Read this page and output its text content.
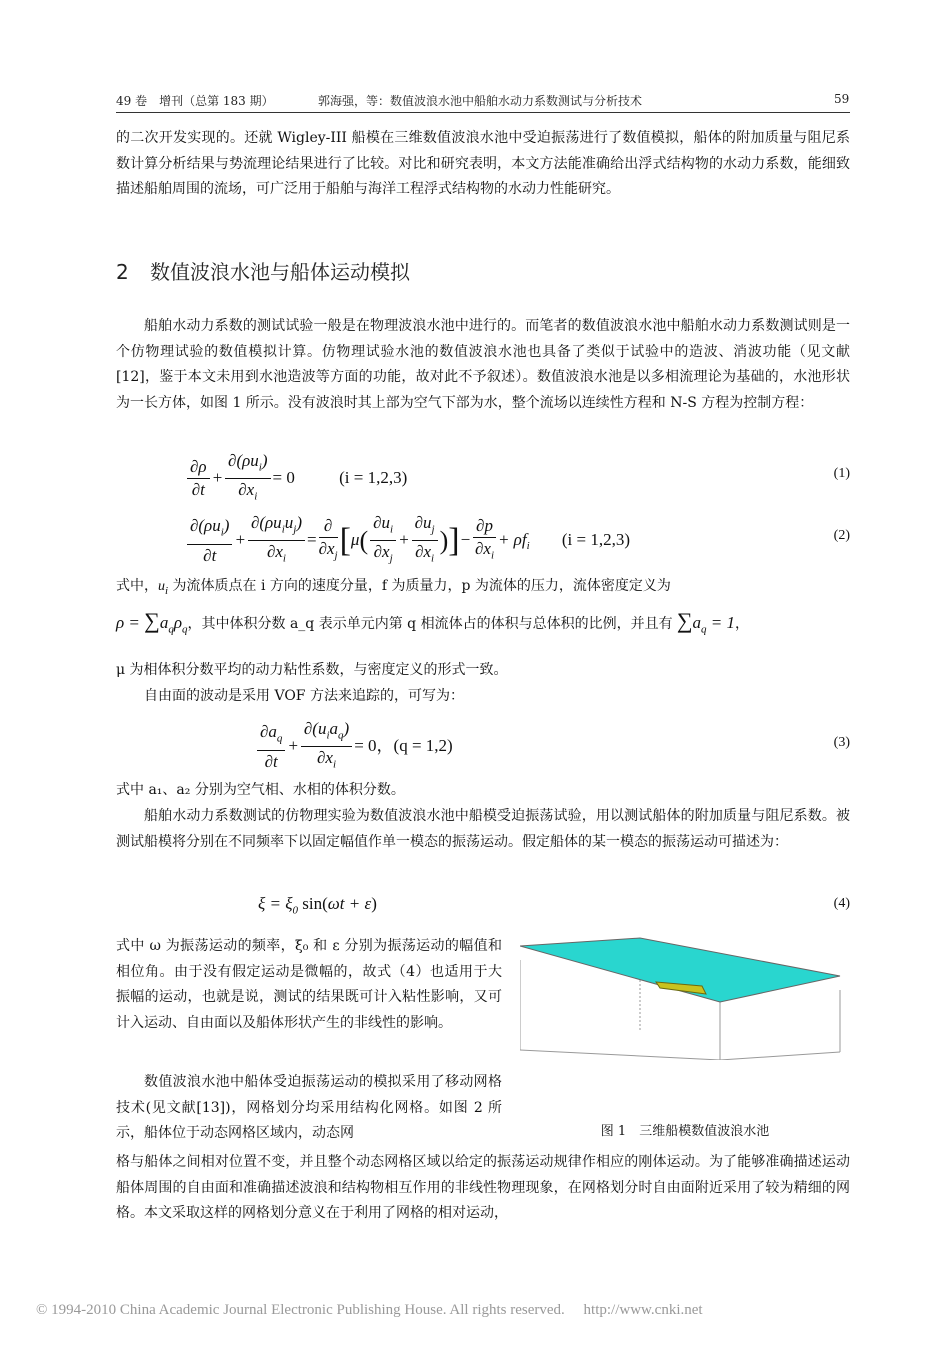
49 卷　增刊（总第 183 期）	郭海强，等：数值波浪水池中船舶水动力系数测试与分析技术	59
的二次开发实现的。还就 Wigley-III 船模在三维数值波浪水池中受迫振荡进行了数值模拟，船体的附加质量与阻尼系数计算分析结果与势流理论结果进行了比较。对比和研究表明，本文方法能准确给出浮式结构物的水动力系数，能细致描述船舶周围的流场，可广泛用于船舶与海洋工程浮式结构物的水动力性能研究。
2 数值波浪水池与船体运动模拟
船舶水动力系数的测试试验一般是在物理波浪水池中进行的。而笔者的数值波浪水池中船舶水动力系数测试则是一个仿物理试验的数值模拟计算。仿物理试验水池的数值波浪水池也具备了类似于试验中的造波、消波功能（见文献[12]，鉴于本文未用到水池造波等方面的功能，故对此不予叙述）。数值波浪水池是以多相流理论为基础的，水池形状为一长方体，如图 1 所示。没有波浪时其上部为空气下部为水，整个流场以连续性方程和 N-S 方程为控制方程：
$\frac{\partial\rho}{\partial t} + \frac{\partial(\rho u_i)}{\partial x_i} = 0$	(i = 1,2,3)	(1)
$\frac{\partial(\rho u_i)}{\partial t} + \frac{\partial(\rho u_iu_j)}{\partial x_i} = \frac{\partial}{\partial x_j} [\mu( \frac{\partial u_i}{\partial x_j} + \frac{\partial u_j}{\partial x_i}$ )]− $\frac{\partial p}{\partial x_i} + \rho f_i$ (i = 1,2,3)	(2)
式中，$u_i$ 为流体质点在 i 方向的速度分量，f 为质量力，p 为流体的压力，流体密度定义为
$\rho = \sum a_q\rho_q$，其中体积分数 a_q 表示单元内第 q 相流体占的体积与总体积的比例，并且有 $\sum a_q = 1$，
μ 为相体积分数平均的动力粘性系数，与密度定义的形式一致。
自由面的波动是采用 VOF 方法来追踪的，可写为：
$\frac{\partial a_q}{\partial t} + \frac{\partial(u_ia_q)}{\partial x_i} = 0$，(q = 1,2)	(3)
式中 a₁、a₂ 分别为空气相、水相的体积分数。
船舶水动力系数测试的仿物理实验为数值波浪水池中船模受迫振荡试验，用以测试船体的附加质量与阻尼系数。被测试船模将分别在不同频率下以固定幅值作单一模态的振荡运动。假定船体的某一模态的振荡运动可描述为：
$\xi = \xi_0$ sin(ωt + ε)	(4)
式中 ω 为振荡运动的频率，ξ₀ 和 ε 分别为振荡运动的幅值和相位角。由于没有假定运动是微幅的，故式（4）也适用于大振幅的运动，也就是说，测试的结果既可计入粘性影响，又可计入运动、自由面以及船体形状产生的非线性的影响。
数值波浪水池中船体受迫振荡运动的模拟采用了移动网格技术(见文献[13])，网格划分均采用结构化网格。如图 2 所示，船体位于动态网格区域内，动态网
格与船体之间相对位置不变，并且整个动态网格区域以给定的振荡运动规律作相应的刚体运动。为了能够准确描述运动船体周围的自由面和准确描述波浪和结构物相互作用的非线性物理现象，在网格划分时自由面附近采用了较为精细的网格。本文采取这样的网格划分意义在于利用了网格的相对运动，
图 1　三维船模数值波浪水池
© 1994-2010 China Academic Journal Electronic Publishing House. All rights reserved.　 http://www.cnki.net
